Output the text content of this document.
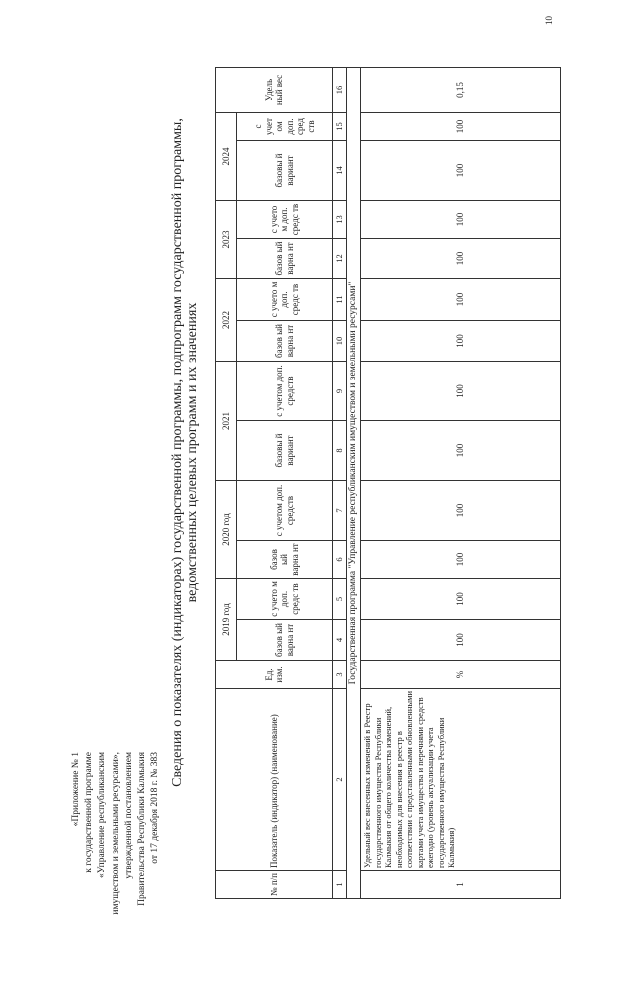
«Приложение № 1 к государственной программе «Управление республиканским имуществом и земельными ресурсами», утвержденной постановлением Правительства Республики Калмыкия от 17 декабря 2018 г. № 383
Сведения о показателях (индикаторах) государственной программы, подпрограмм государственной программы, ведомственных целевых программ и их значениях
№ п/п	Показатель (индикатор) (наименование)	Ед. изм.	2019 год		2020 год		2021		2022		2023		2024		Удель ный вес
			базов ый варна нт	с учето м доп. средс тв	базов ый варна нт	с учетом доп. средств	базовы й вариант	с учетом доп. средств	базов ый варна нт	с учето м доп. средс тв	базов ый варна нт	с учето м доп. средс тв	базовы й вариант	с учет ом доп. сред ств	
1	2	3	4	5	6	7	8	9	10	11	12	13	14	15	16
Государственная программа "Управление республиканским имуществом и земельными ресурсами"															
1	Удельный вес внесенных изменений в Реестр государственного имущества Республики Калмыкия от общего количества изменений, необходимых для внесения в реестр в соответствии с представленными обновленными картами учета имущества и перечнями средств ежегодно (уровень актуализации учета государственного имущества Республики Калмыкия)	%	100	100	100	100	100	100	100	100	100	100	100	100	0,15
10
